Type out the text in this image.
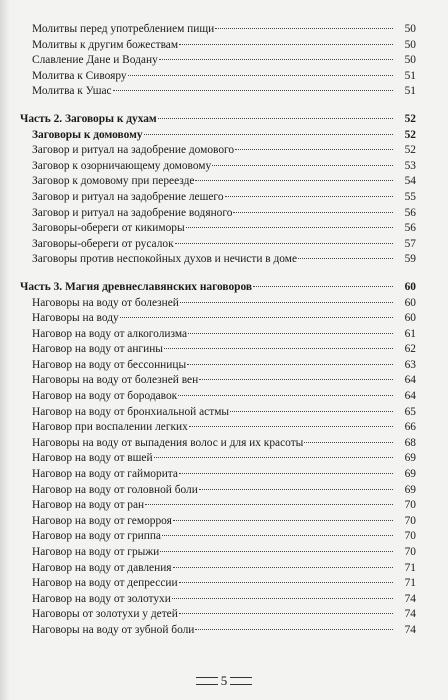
Молитвы перед употреблением пищи	50
Молитвы к другим божествам	50
Славление Дане и Водану	50
Молитва к Сивояру	51
Молитва к Ушас	51
Часть 2. Заговоры к духам	52
Заговоры к домовому	52
Заговор и ритуал на задобрение домового	52
Заговор к озорничающему домовому	53
Заговор к домовому при переезде	54
Заговор и ритуал на задобрение лешего	55
Заговор и ритуал на задобрение водяного	56
Заговоры-обереги от кикиморы	56
Заговоры-обереги от русалок	57
Заговоры против неспокойных духов и нечисти в доме	59
Часть 3. Магия древнеславянских наговоров	60
Наговоры на воду от болезней	60
Наговоры на воду	60
Наговор на воду от алкоголизма	61
Наговор на воду от ангины	62
Наговор на воду от бессонницы	63
Наговоры на воду от болезней вен	64
Наговор на воду от бородавок	64
Наговор на воду от бронхиальной астмы	65
Наговор при воспалении легких	66
Наговоры на воду от выпадения волос и для их красоты	68
Наговор на воду от вшей	69
Наговор на воду от гайморита	69
Наговор на воду от головной боли	69
Наговор на воду от ран	70
Наговор на воду от геморроя	70
Наговор на воду от гриппа	70
Наговор на воду от грыжи	70
Наговор на воду от давления	71
Наговор на воду от депрессии	71
Наговор на воду от золотухи	74
Наговоры от золотухи у детей	74
Наговоры на воду от зубной боли	74
5
